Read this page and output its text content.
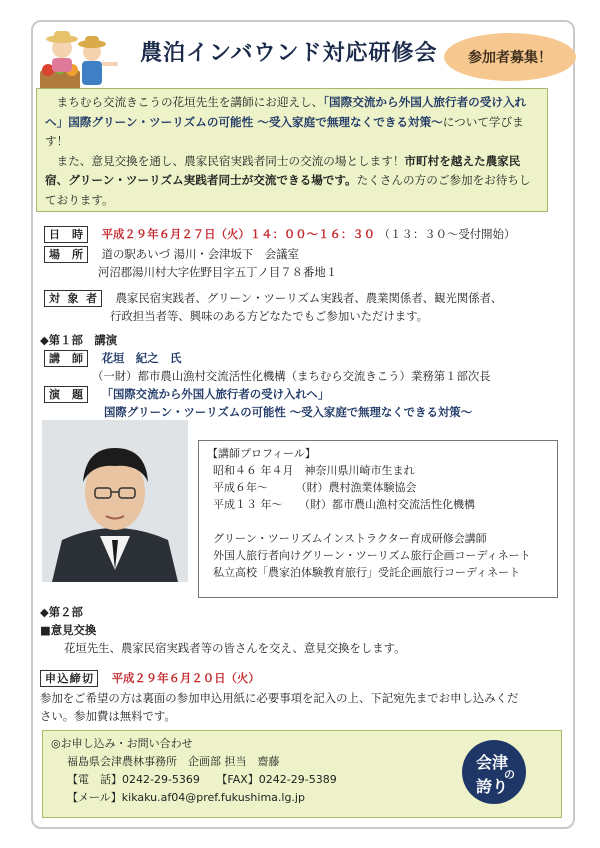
農泊インバウンド対応研修会 参加者募集！

まちむら交流きこうの花垣先生を講師にお迎えし、「国際交流から外国人旅行者の受け入れへ」国際グリーン・ツーリズムの可能性 ～受入家庭で無理なくできる対策～について学びます！

また、意見交換を通し、農家民宿実践者同士の交流の場とします！市町村を越えた農家民宿、グリーン・ツーリズム実践者同士が交流できる場です。たくさんの方のご参加をお待ちしております。

日時 平成２９年６月２７日（火）１４：００～１６：３０ （１３：３０～受付開始）
場所 道の駅あいづ 湯川・会津坂下　会議室
河沼郡湯川村大字佐野目字五丁ノ目７８番地１
対象者 農家民宿実践者、グリーン・ツーリズム実践者、農業関係者、観光関係者、
行政担当者等、興味のある方どなたでもご参加いただけます。
◆第１部　講演
講師 花垣　紀之　氏
（一財）都市農山漁村交流活性化機構（まちむら交流きこう）業務第１部次長
演題 「国際交流から外国人旅行者の受け入れへ」
国際グリーン・ツーリズムの可能性 ～受入家庭で無理なくできる対策～
【講師プロフィール】
昭和４６ 年４月　神奈川県川崎市生まれ
平成６年～　　　（財）農村漁業体験協会
平成１３ 年～　　（財）都市農山漁村交流活性化機構
グリーン・ツーリズムインストラクター育成研修会講師
外国人旅行者向けグリーン・ツーリズム旅行企画コーディネート
私立高校「農家泊体験教育旅行」受託企画旅行コーディネート
◆第２部
■意見交換
花垣先生、農家民宿実践者等の皆さんを交え、意見交換をします。
申込締切 平成２９年６月２０日（火）
参加をご希望の方は裏面の参加申込用紙に必要事項を記入の上、下記宛先までお申し込みくだ
さい。参加費は無料です。
◎お申し込み・お問い合わせ
福島県会津農林事務所　企画部 担当　齋藤
【電　話】0242-29-5369　　【FAX】0242-29-5389
【メール】kikaku.af04@pref.fukushima.lg.jp
会津
の
誇り
